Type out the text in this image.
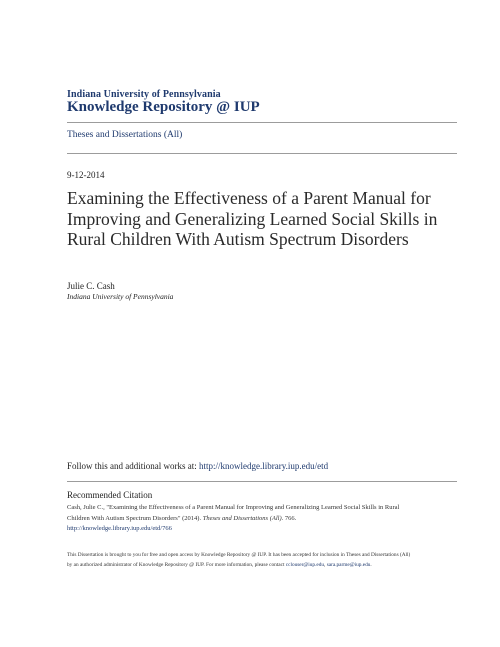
Indiana University of Pennsylvania
Knowledge Repository @ IUP
Theses and Dissertations (All)
9-12-2014
Examining the Effectiveness of a Parent Manual for Improving and Generalizing Learned Social Skills in Rural Children With Autism Spectrum Disorders
Julie C. Cash
Indiana University of Pennsylvania
Follow this and additional works at: http://knowledge.library.iup.edu/etd
Recommended Citation
Cash, Julie C., "Examining the Effectiveness of a Parent Manual for Improving and Generalizing Learned Social Skills in Rural Children With Autism Spectrum Disorders" (2014). Theses and Dissertations (All). 766.
http://knowledge.library.iup.edu/etd/766
This Dissertation is brought to you for free and open access by Knowledge Repository @ IUP. It has been accepted for inclusion in Theses and Dissertations (All) by an authorized administrator of Knowledge Repository @ IUP. For more information, please contact cclouser@iup.edu, sara.parme@iup.edu.
